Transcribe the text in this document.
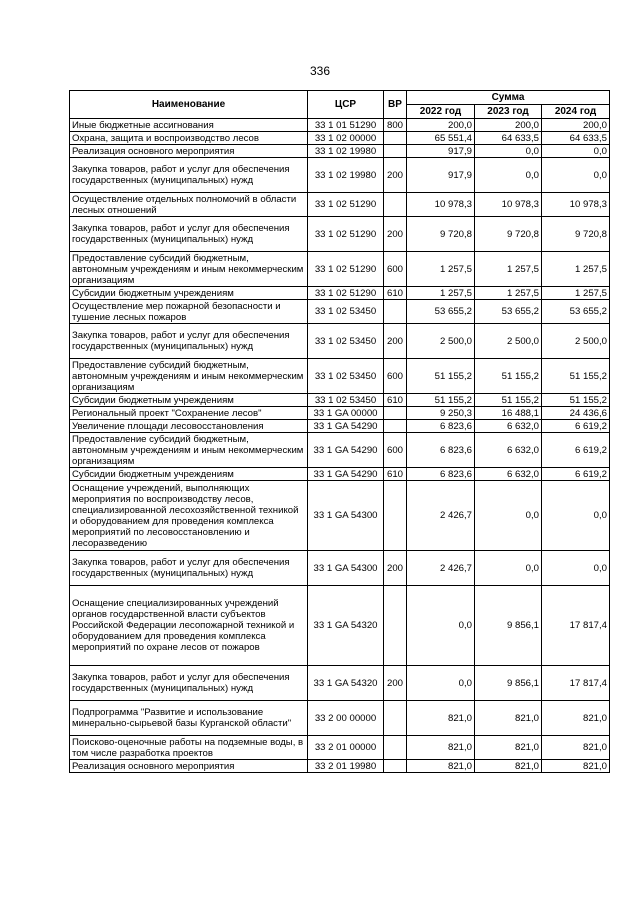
336
Наименование	ЦСР	ВР	Сумма		
			2022 год	2023 год	2024 год
Иные бюджетные ассигнования	33 1 01 51290	800	200,0	200,0	200,0
Охрана, защита и воспроизводство лесов	33 1 02 00000		65 551,4	64 633,5	64 633,5
Реализация основного мероприятия	33 1 02 19980		917,9	0,0	0,0
Закупка товаров, работ и услуг для обеспечения государственных (муниципальных) нужд	33 1 02 19980	200	917,9	0,0	0,0
Осуществление отдельных полномочий в области лесных отношений	33 1 02 51290		10 978,3	10 978,3	10 978,3
Закупка товаров, работ и услуг для обеспечения государственных (муниципальных) нужд	33 1 02 51290	200	9 720,8	9 720,8	9 720,8
Предоставление субсидий бюджетным, автономным учреждениям и иным некоммерческим организациям	33 1 02 51290	600	1 257,5	1 257,5	1 257,5
Субсидии бюджетным учреждениям	33 1 02 51290	610	1 257,5	1 257,5	1 257,5
Осуществление мер пожарной безопасности и тушение лесных пожаров	33 1 02 53450		53 655,2	53 655,2	53 655,2
Закупка товаров, работ и услуг для обеспечения государственных (муниципальных) нужд	33 1 02 53450	200	2 500,0	2 500,0	2 500,0
Предоставление субсидий бюджетным, автономным учреждениям и иным некоммерческим организациям	33 1 02 53450	600	51 155,2	51 155,2	51 155,2
Субсидии бюджетным учреждениям	33 1 02 53450	610	51 155,2	51 155,2	51 155,2
Региональный проект "Сохранение лесов"	33 1 GA 00000		9 250,3	16 488,1	24 436,6
Увеличение площади лесовосстановления	33 1 GA 54290		6 823,6	6 632,0	6 619,2
Предоставление субсидий бюджетным, автономным учреждениям и иным некоммерческим организациям	33 1 GA 54290	600	6 823,6	6 632,0	6 619,2
Субсидии бюджетным учреждениям	33 1 GA 54290	610	6 823,6	6 632,0	6 619,2
Оснащение учреждений, выполняющих мероприятия по воспроизводству лесов, специализированной лесохозяйственной техникой и оборудованием для проведения комплекса мероприятий по лесовосстановлению и лесоразведению	33 1 GA 54300		2 426,7	0,0	0,0
Закупка товаров, работ и услуг для обеспечения государственных (муниципальных) нужд	33 1 GA 54300	200	2 426,7	0,0	0,0
Оснащение специализированных учреждений органов государственной власти субъектов Российской Федерации лесопожарной техникой и оборудованием для проведения комплекса мероприятий по охране лесов от пожаров	33 1 GA 54320		0,0	9 856,1	17 817,4
Закупка товаров, работ и услуг для обеспечения государственных (муниципальных) нужд	33 1 GA 54320	200	0,0	9 856,1	17 817,4
Подпрограмма "Развитие и использование минерально-сырьевой базы Курганской области"	33 2 00 00000		821,0	821,0	821,0
Поисково-оценочные работы на подземные воды, в том числе разработка проектов	33 2 01 00000		821,0	821,0	821,0
Реализация основного мероприятия	33 2 01 19980		821,0	821,0	821,0
